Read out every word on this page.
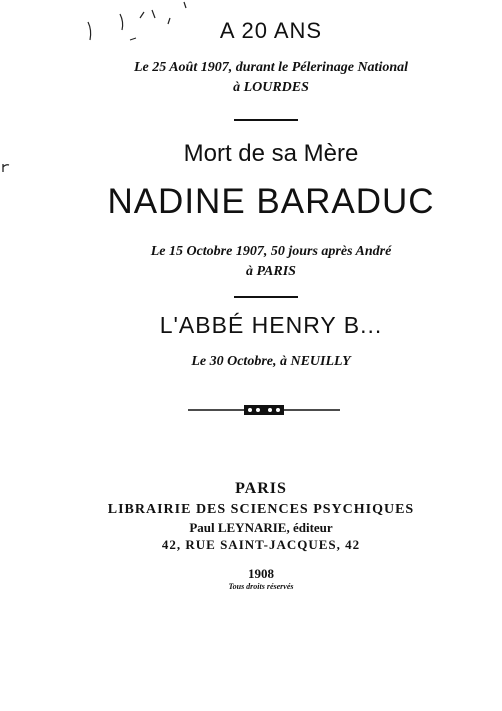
A 20 ANS
Le 25 Août 1907, durant le Pélerinage National
à LOURDES
Mort de sa Mère
NADINE BARADUC
Le 15 Octobre 1907, 50 jours après André
à PARIS
L'ABBÉ HENRY B...
Le 30 Octobre, à NEUILLY
PARIS
LIBRAIRIE DES SCIENCES PSYCHIQUES
Paul LEYNARIE, éditeur
42, RUE SAINT-JACQUES, 42
1908
Tous droits réservés
